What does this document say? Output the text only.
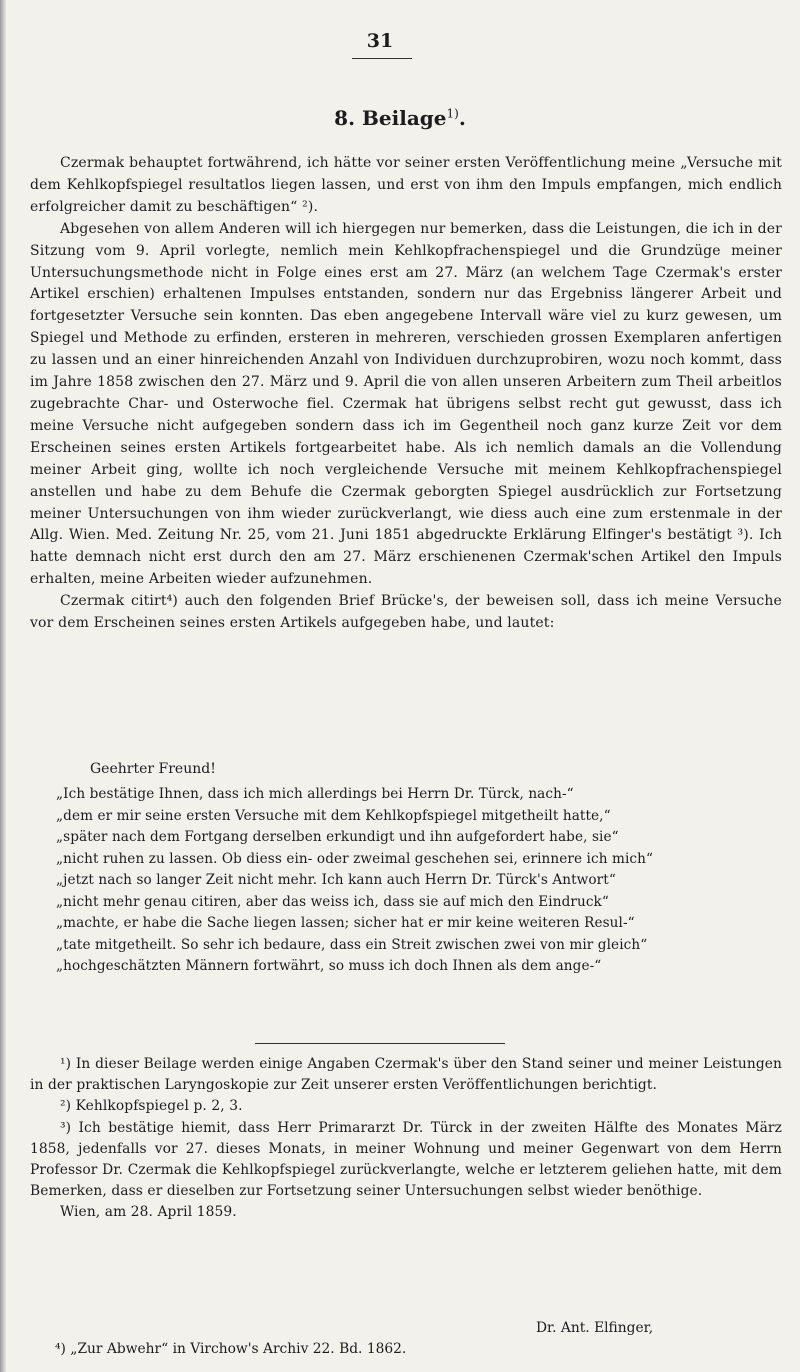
31
8. Beilage$^{1)}$.

Czermak behauptet fortwährend, ich hätte vor seiner ersten Veröffentlichung meine „Versuche mit dem Kehlkopfspiegel resultatlos liegen lassen, und erst von ihm den Impuls empfangen, mich endlich erfolgreicher damit zu beschäftigen“ ²).

Abgesehen von allem Anderen will ich hiergegen nur bemerken, dass die Leistungen, die ich in der Sitzung vom 9. April vorlegte, nemlich mein Kehlkopfrachenspiegel und die Grundzüge meiner Untersuchungsmethode nicht in Folge eines erst am 27. März (an welchem Tage Czermak's erster Artikel erschien) erhaltenen Impulses entstanden, sondern nur das Ergebniss längerer Arbeit und fortgesetzter Versuche sein konnten. Das eben angegebene Intervall wäre viel zu kurz gewesen, um Spiegel und Methode zu erfinden, ersteren in mehreren, verschieden grossen Exemplaren anfertigen zu lassen und an einer hinreichenden Anzahl von Individuen durchzuprobiren, wozu noch kommt, dass im Jahre 1858 zwischen den 27. März und 9. April die von allen unseren Arbeitern zum Theil arbeitlos zugebrachte Char- und Osterwoche fiel. Czermak hat übrigens selbst recht gut gewusst, dass ich meine Versuche nicht aufgegeben sondern dass ich im Gegentheil noch ganz kurze Zeit vor dem Erscheinen seines ersten Artikels fortgearbeitet habe. Als ich nemlich damals an die Vollendung meiner Arbeit ging, wollte ich noch vergleichende Versuche mit meinem Kehlkopfrachenspiegel anstellen und habe zu dem Behufe die Czermak geborgten Spiegel ausdrücklich zur Fortsetzung meiner Untersuchungen von ihm wieder zurückverlangt, wie diess auch eine zum erstenmale in der Allg. Wien. Med. Zeitung Nr. 25, vom 21. Juni 1851 abgedruckte Erklärung Elfinger's bestätigt ³). Ich hatte demnach nicht erst durch den am 27. März erschienenen Czermak'schen Artikel den Impuls erhalten, meine Arbeiten wieder aufzunehmen.

Czermak citirt⁴) auch den folgenden Brief Brücke's, der beweisen soll, dass ich meine Versuche vor dem Erscheinen seines ersten Artikels aufgegeben habe, und lautet:

Geehrter Freund!
„Ich bestätige Ihnen, dass ich mich allerdings bei Herrn Dr. Türck, nach-“
„dem er mir seine ersten Versuche mit dem Kehlkopfspiegel mitgetheilt hatte,“
„später nach dem Fortgang derselben erkundigt und ihn aufgefordert habe, sie“
„nicht ruhen zu lassen. Ob diess ein- oder zweimal geschehen sei, erinnere ich mich“
„jetzt nach so langer Zeit nicht mehr. Ich kann auch Herrn Dr. Türck's Antwort“
„nicht mehr genau citiren, aber das weiss ich, dass sie auf mich den Eindruck“
„machte, er habe die Sache liegen lassen; sicher hat er mir keine weiteren Resul-“
„tate mitgetheilt. So sehr ich bedaure, dass ein Streit zwischen zwei von mir gleich“
„hochgeschätzten Männern fortwährt, so muss ich doch Ihnen als dem ange-“

¹) In dieser Beilage werden einige Angaben Czermak's über den Stand seiner und meiner Leistungen in der praktischen Laryngoskopie zur Zeit unserer ersten Veröffentlichungen berichtigt.

²) Kehlkopfspiegel p. 2, 3.

³) Ich bestätige hiemit, dass Herr Primararzt Dr. Türck in der zweiten Hälfte des Monates März 1858, jedenfalls vor 27. dieses Monats, in meiner Wohnung und meiner Gegenwart von dem Herrn Professor Dr. Czermak die Kehlkopfspiegel zurückverlangte, welche er letzterem geliehen hatte, mit dem Bemerken, dass er dieselben zur Fortsetzung seiner Untersuchungen selbst wieder benöthige.

Wien, am 28. April 1859.

Dr. Ant. Elfinger,
⁴) „Zur Abwehr“ in Virchow's Archiv 22. Bd. 1862.
